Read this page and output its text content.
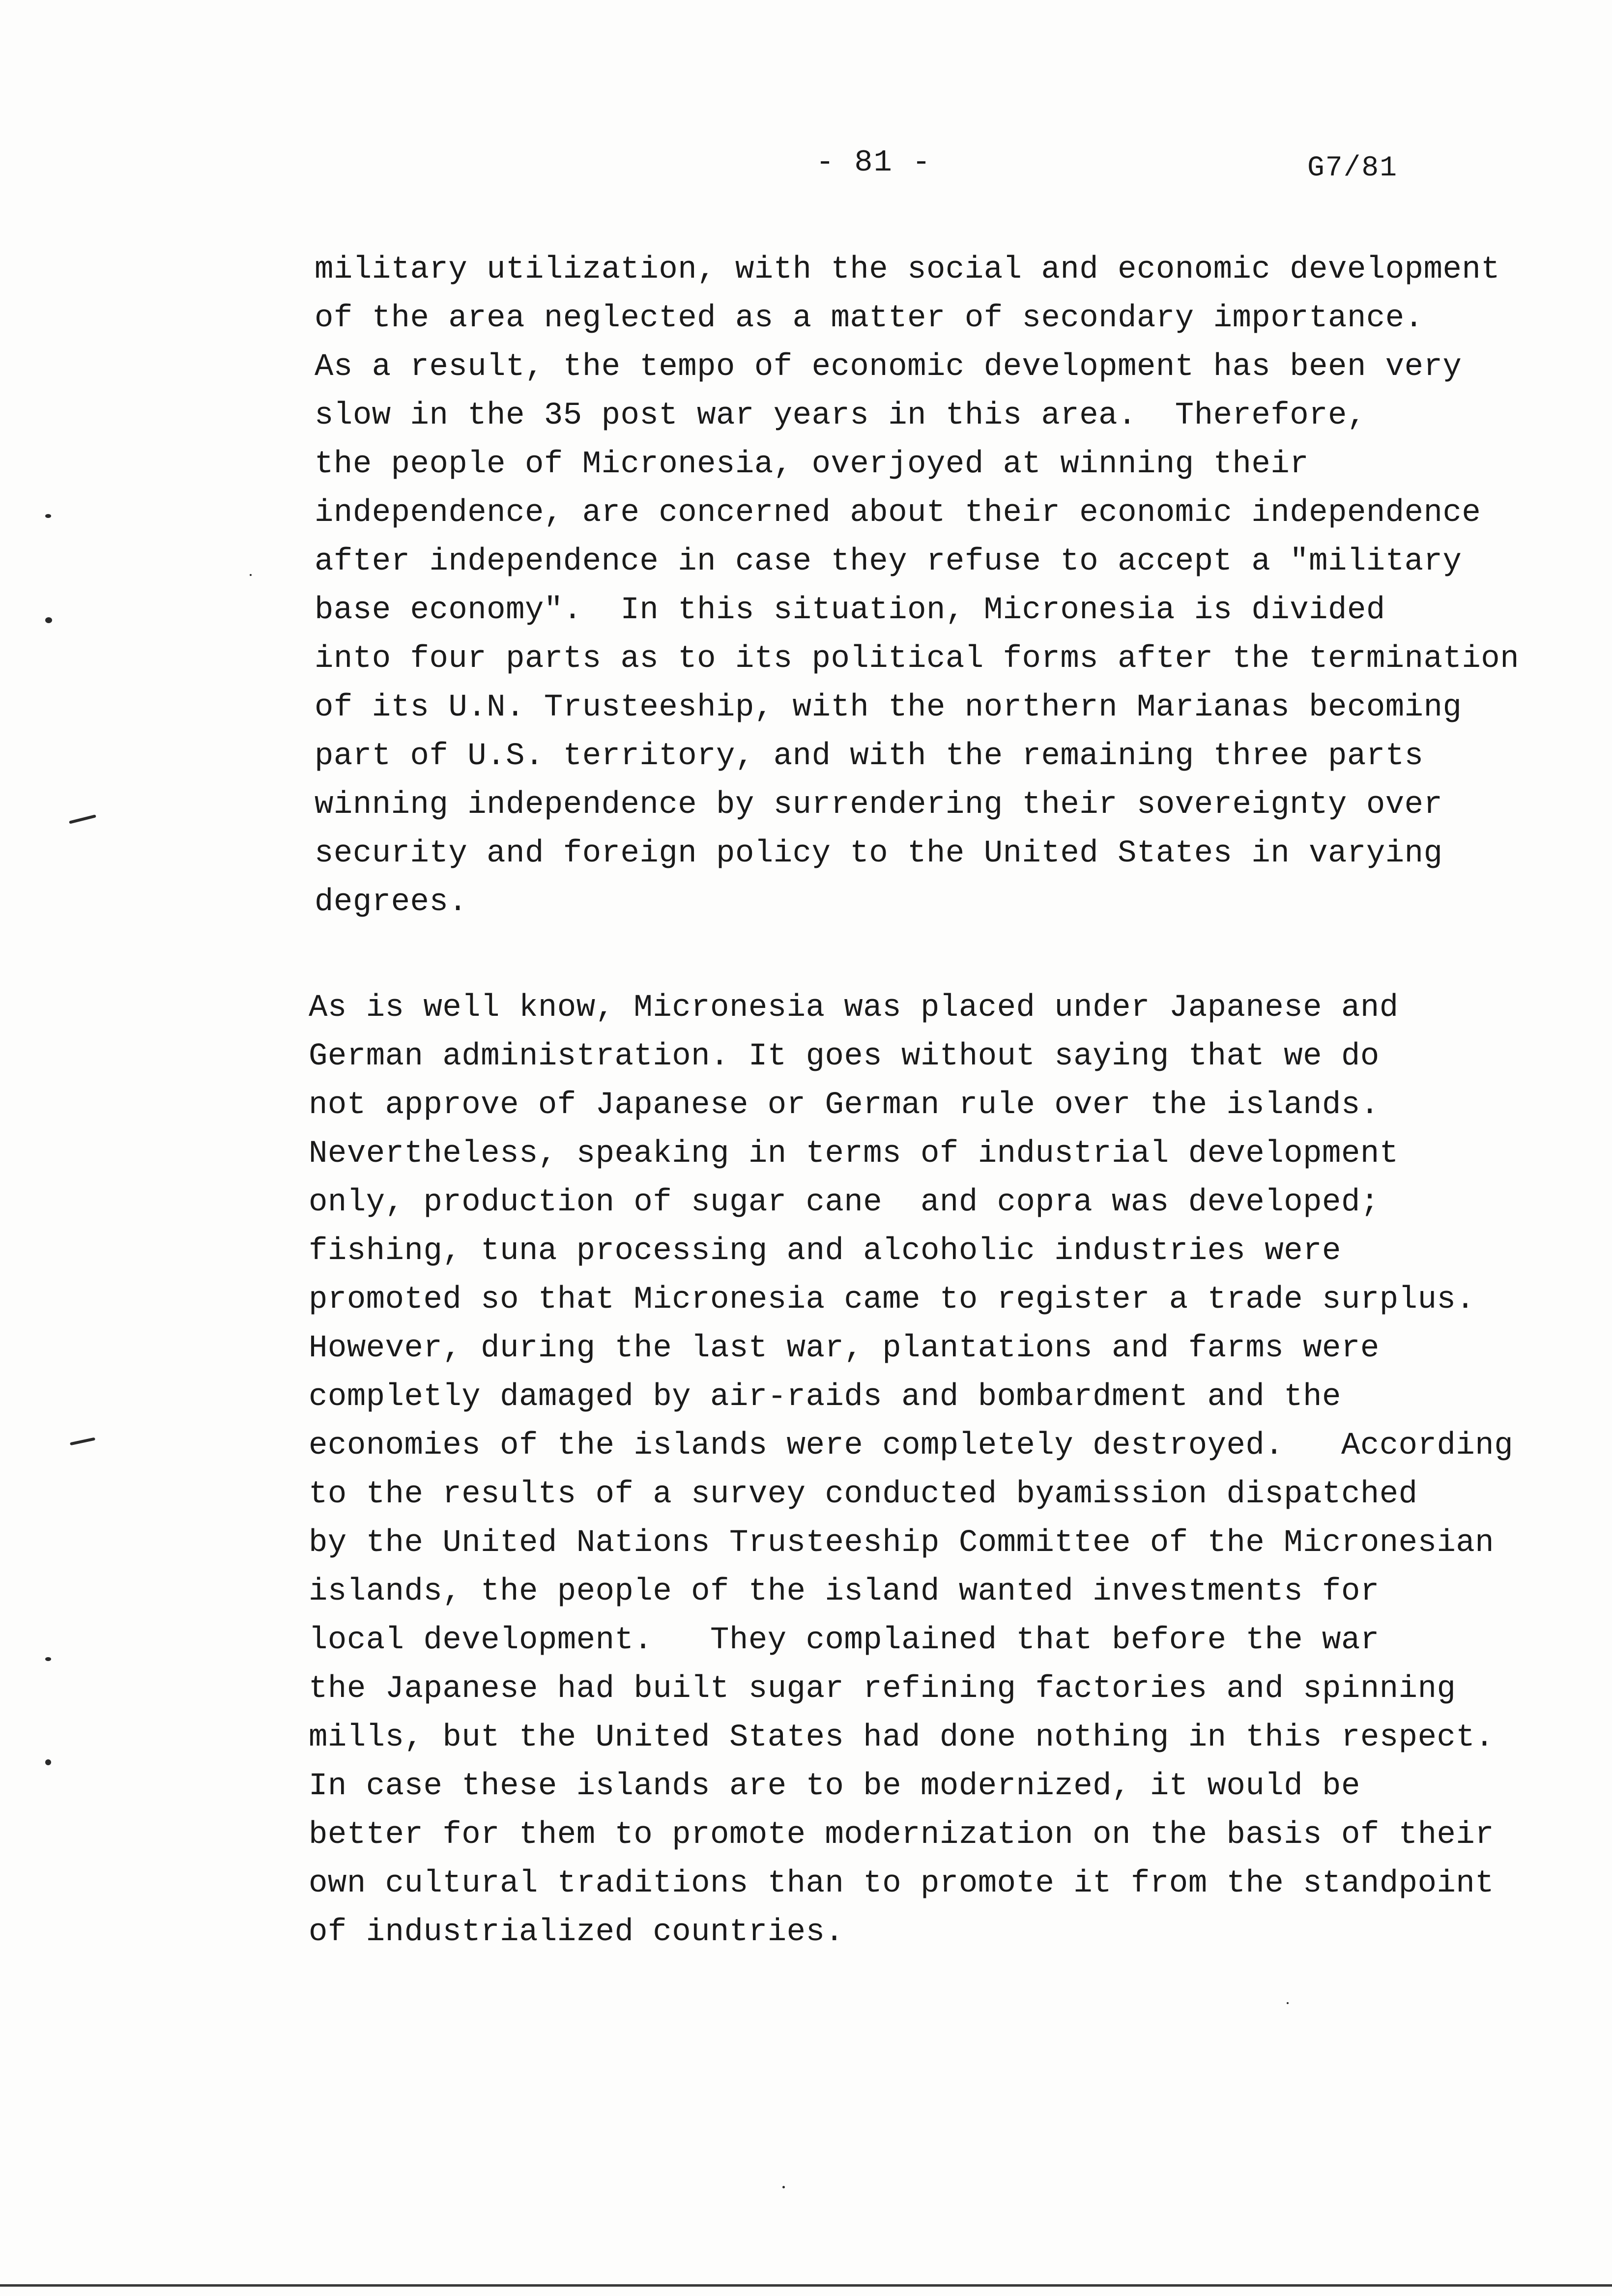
- 81 -	G7/81
military utilization, with the social and economic development
of the area neglected as a matter of secondary importance.
As a result, the tempo of economic development has been very
slow in the 35 post war years in this area.  Therefore,
the people of Micronesia, overjoyed at winning their
independence, are concerned about their economic independence
after independence in case they refuse to accept a "military
base economy".  In this situation, Micronesia is divided
into four parts as to its political forms after the termination
of its U.N. Trusteeship, with the northern Marianas becoming
part of U.S. territory, and with the remaining three parts
winning independence by surrendering their sovereignty over
security and foreign policy to the United States in varying
degrees.
As is well know, Micronesia was placed under Japanese and
German administration. It goes without saying that we do
not approve of Japanese or German rule over the islands.
Nevertheless, speaking in terms of industrial development
only, production of sugar cane  and copra was developed;
fishing, tuna processing and alcoholic industries were
promoted so that Micronesia came to register a trade surplus.
However, during the last war, plantations and farms were
completly damaged by air-raids and bombardment and the
economies of the islands were completely destroyed.   According
to the results of a survey conducted byamission dispatched
by the United Nations Trusteeship Committee of the Micronesian
islands, the people of the island wanted investments for
local development.   They complained that before the war
the Japanese had built sugar refining factories and spinning
mills, but the United States had done nothing in this respect.
In case these islands are to be modernized, it would be
better for them to promote modernization on the basis of their
own cultural traditions than to promote it from the standpoint
of industrialized countries.
